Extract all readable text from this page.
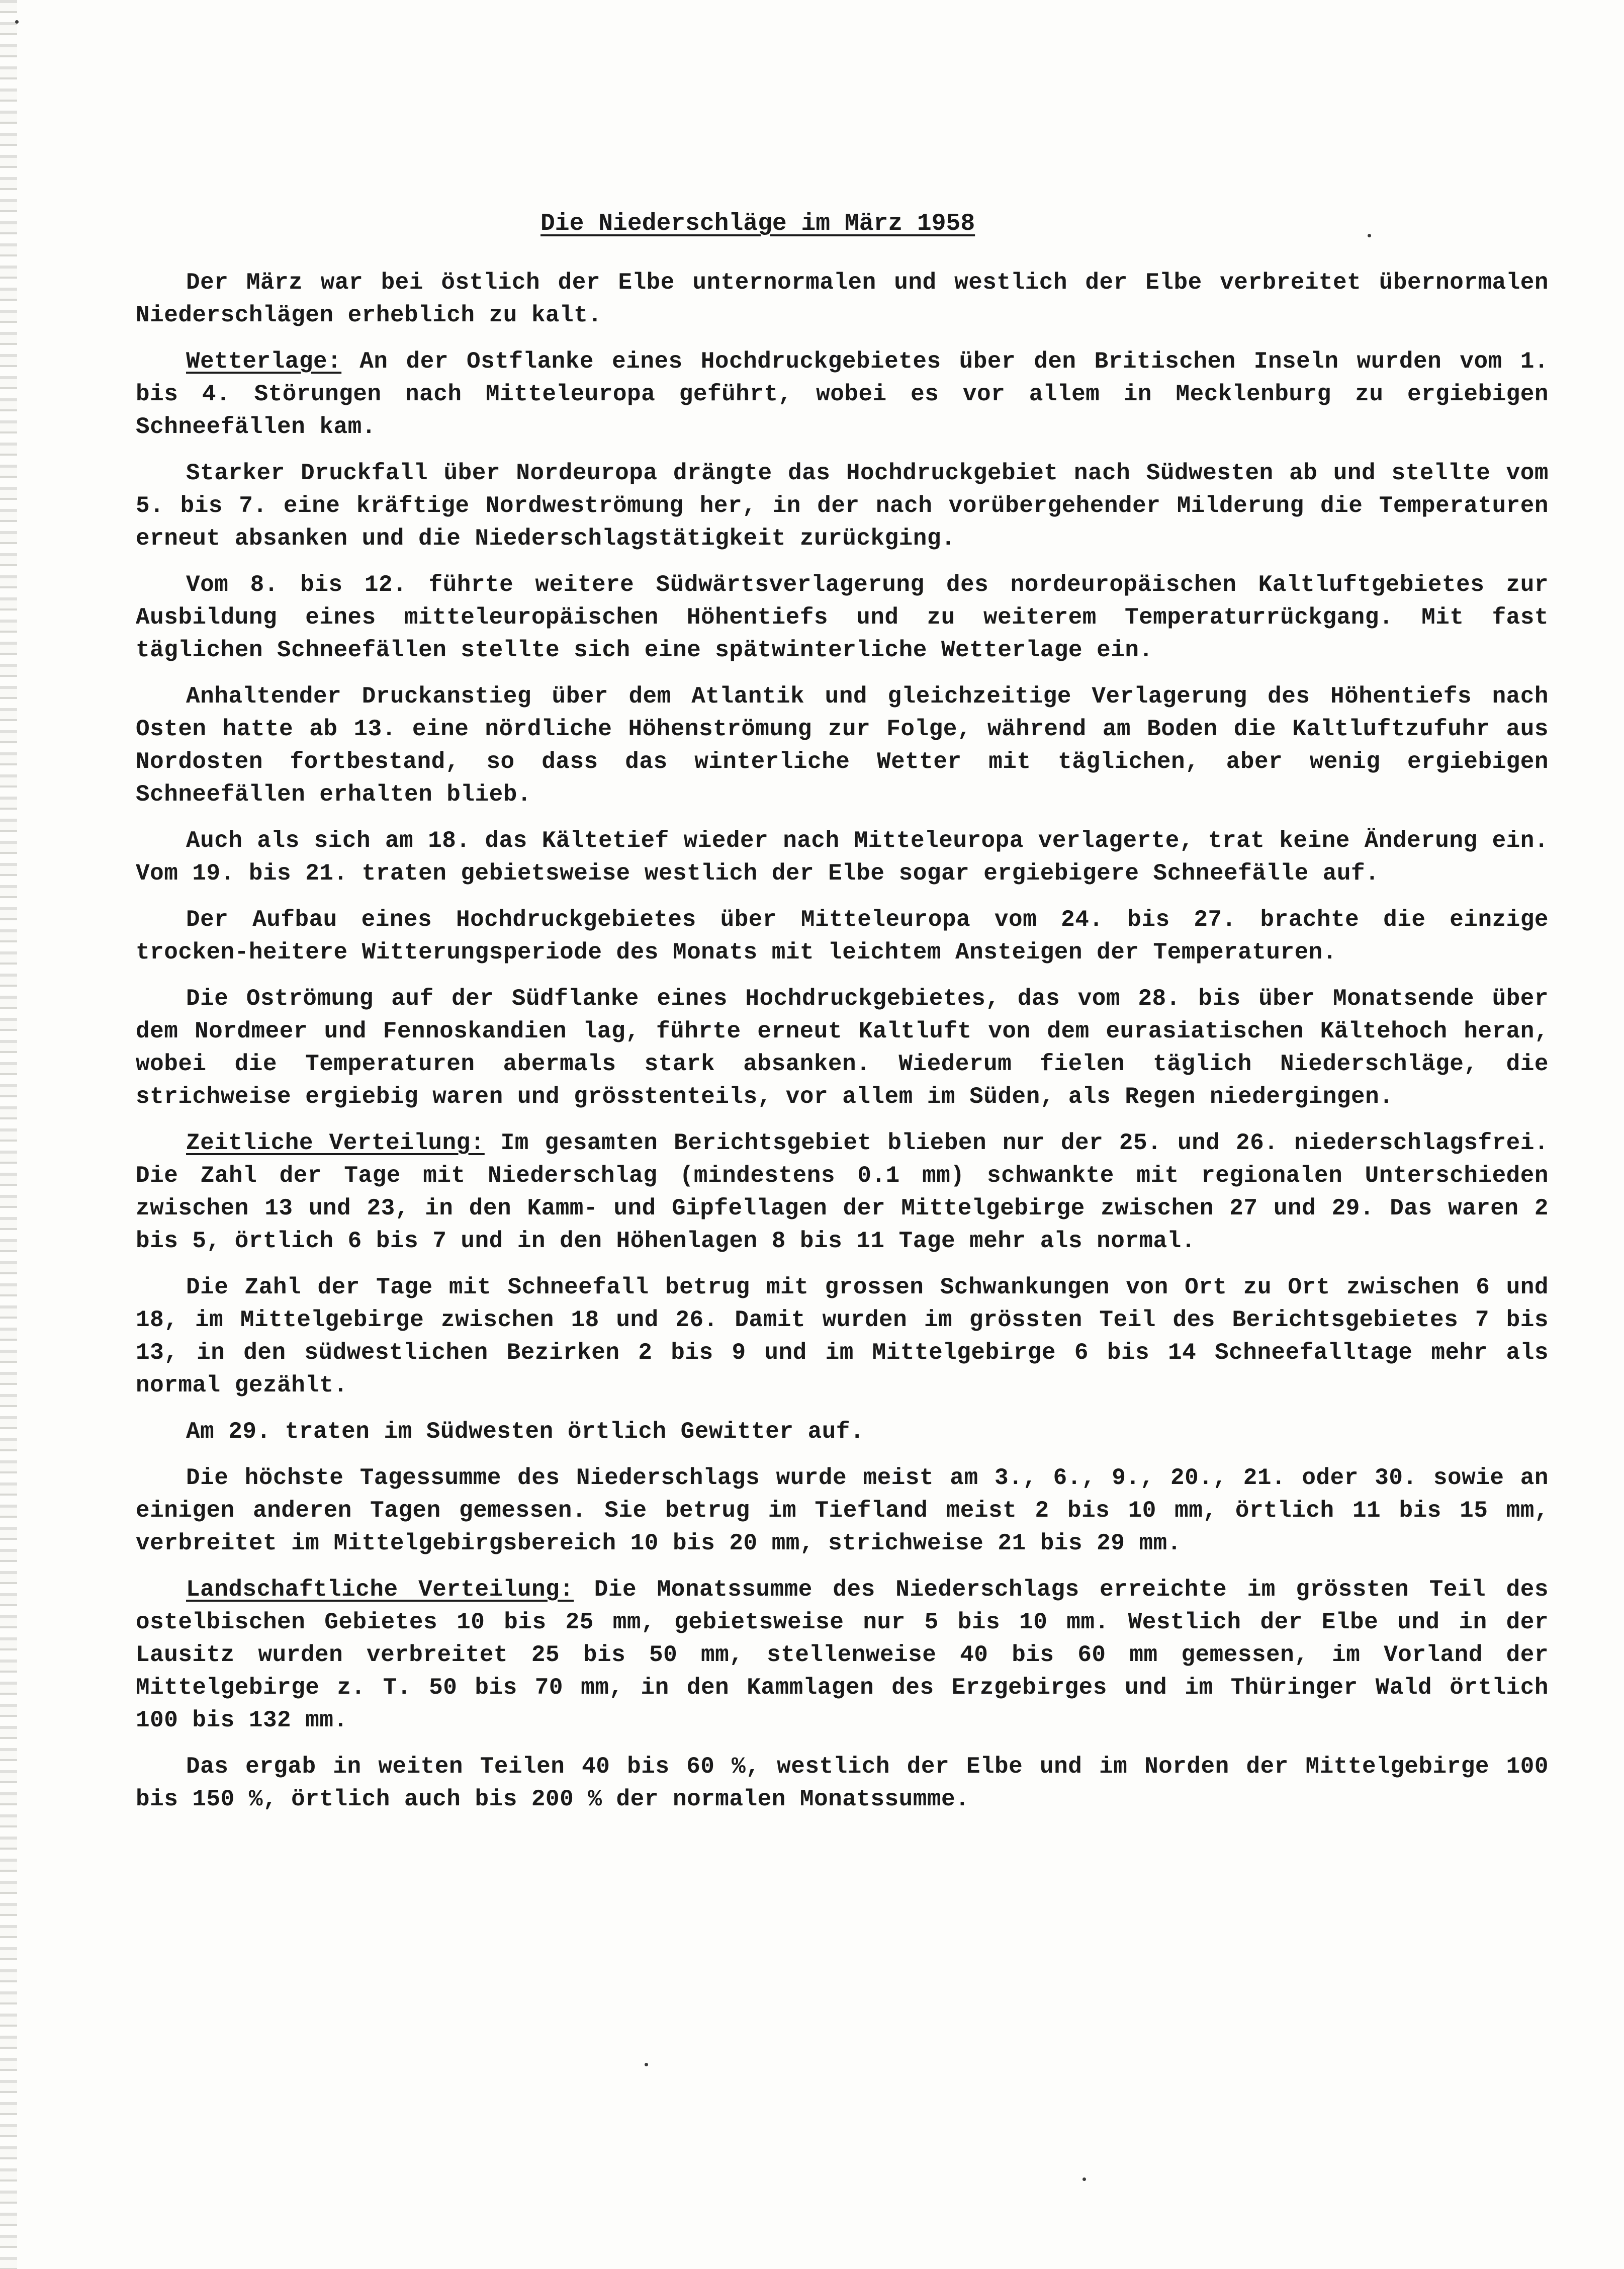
Die Niederschläge im März 1958

Der März war bei östlich der Elbe unternormalen und westlich der Elbe verbreitet übernormalen Niederschlägen erheblich zu kalt.

Wetterlage: An der Ostflanke eines Hochdruckgebietes über den Britischen Inseln wurden vom 1. bis 4. Störungen nach Mitteleuropa geführt, wobei es vor allem in Mecklenburg zu ergiebigen Schneefällen kam.

Starker Druckfall über Nordeuropa drängte das Hochdruckgebiet nach Südwesten ab und stellte vom 5. bis 7. eine kräftige Nordweströmung her, in der nach vorübergehender Milderung die Temperaturen erneut absanken und die Niederschlagstätigkeit zurückging.

Vom 8. bis 12. führte weitere Südwärtsverlagerung des nordeuropäischen Kaltluftgebietes zur Ausbildung eines mitteleuropäischen Höhentiefs und zu weiterem Temperaturrückgang. Mit fast täglichen Schneefällen stellte sich eine spätwinterliche Wetterlage ein.

Anhaltender Druckanstieg über dem Atlantik und gleichzeitige Verlagerung des Höhentiefs nach Osten hatte ab 13. eine nördliche Höhenströmung zur Folge, während am Boden die Kaltluftzufuhr aus Nordosten fortbestand, so dass das winterliche Wetter mit täglichen, aber wenig ergiebigen Schneefällen erhalten blieb.

Auch als sich am 18. das Kältetief wieder nach Mitteleuropa verlagerte, trat keine Änderung ein. Vom 19. bis 21. traten gebietsweise westlich der Elbe sogar ergiebigere Schneefälle auf.

Der Aufbau eines Hochdruckgebietes über Mitteleuropa vom 24. bis 27. brachte die einzige trocken-heitere Witterungsperiode des Monats mit leichtem Ansteigen der Temperaturen.

Die Oströmung auf der Südflanke eines Hochdruckgebietes, das vom 28. bis über Monatsende über dem Nordmeer und Fennoskandien lag, führte erneut Kaltluft von dem eurasiatischen Kältehoch heran, wobei die Temperaturen abermals stark absanken. Wiederum fielen täglich Niederschläge, die strichweise ergiebig waren und grösstenteils, vor allem im Süden, als Regen niedergingen.

Zeitliche Verteilung: Im gesamten Berichtsgebiet blieben nur der 25. und 26. niederschlagsfrei. Die Zahl der Tage mit Niederschlag (mindestens 0.1 mm) schwankte mit regionalen Unterschieden zwischen 13 und 23, in den Kamm- und Gipfellagen der Mittelgebirge zwischen 27 und 29. Das waren 2 bis 5, örtlich 6 bis 7 und in den Höhenlagen 8 bis 11 Tage mehr als normal.

Die Zahl der Tage mit Schneefall betrug mit grossen Schwankungen von Ort zu Ort zwischen 6 und 18, im Mittelgebirge zwischen 18 und 26. Damit wurden im grössten Teil des Berichtsgebietes 7 bis 13, in den südwestlichen Bezirken 2 bis 9 und im Mittelgebirge 6 bis 14 Schneefalltage mehr als normal gezählt.

Am 29. traten im Südwesten örtlich Gewitter auf.

Die höchste Tagessumme des Niederschlags wurde meist am 3., 6., 9., 20., 21. oder 30. sowie an einigen anderen Tagen gemessen. Sie betrug im Tiefland meist 2 bis 10 mm, örtlich 11 bis 15 mm, verbreitet im Mittelgebirgsbereich 10 bis 20 mm, strichweise 21 bis 29 mm.

Landschaftliche Verteilung: Die Monatssumme des Niederschlags erreichte im grössten Teil des ostelbischen Gebietes 10 bis 25 mm, gebietsweise nur 5 bis 10 mm. Westlich der Elbe und in der Lausitz wurden verbreitet 25 bis 50 mm, stellenweise 40 bis 60 mm gemessen, im Vorland der Mittelgebirge z. T. 50 bis 70 mm, in den Kammlagen des Erzgebirges und im Thüringer Wald örtlich 100 bis 132 mm.

Das ergab in weiten Teilen 40 bis 60 %, westlich der Elbe und im Norden der Mittelgebirge 100 bis 150 %, örtlich auch bis 200 % der normalen Monatssumme.
